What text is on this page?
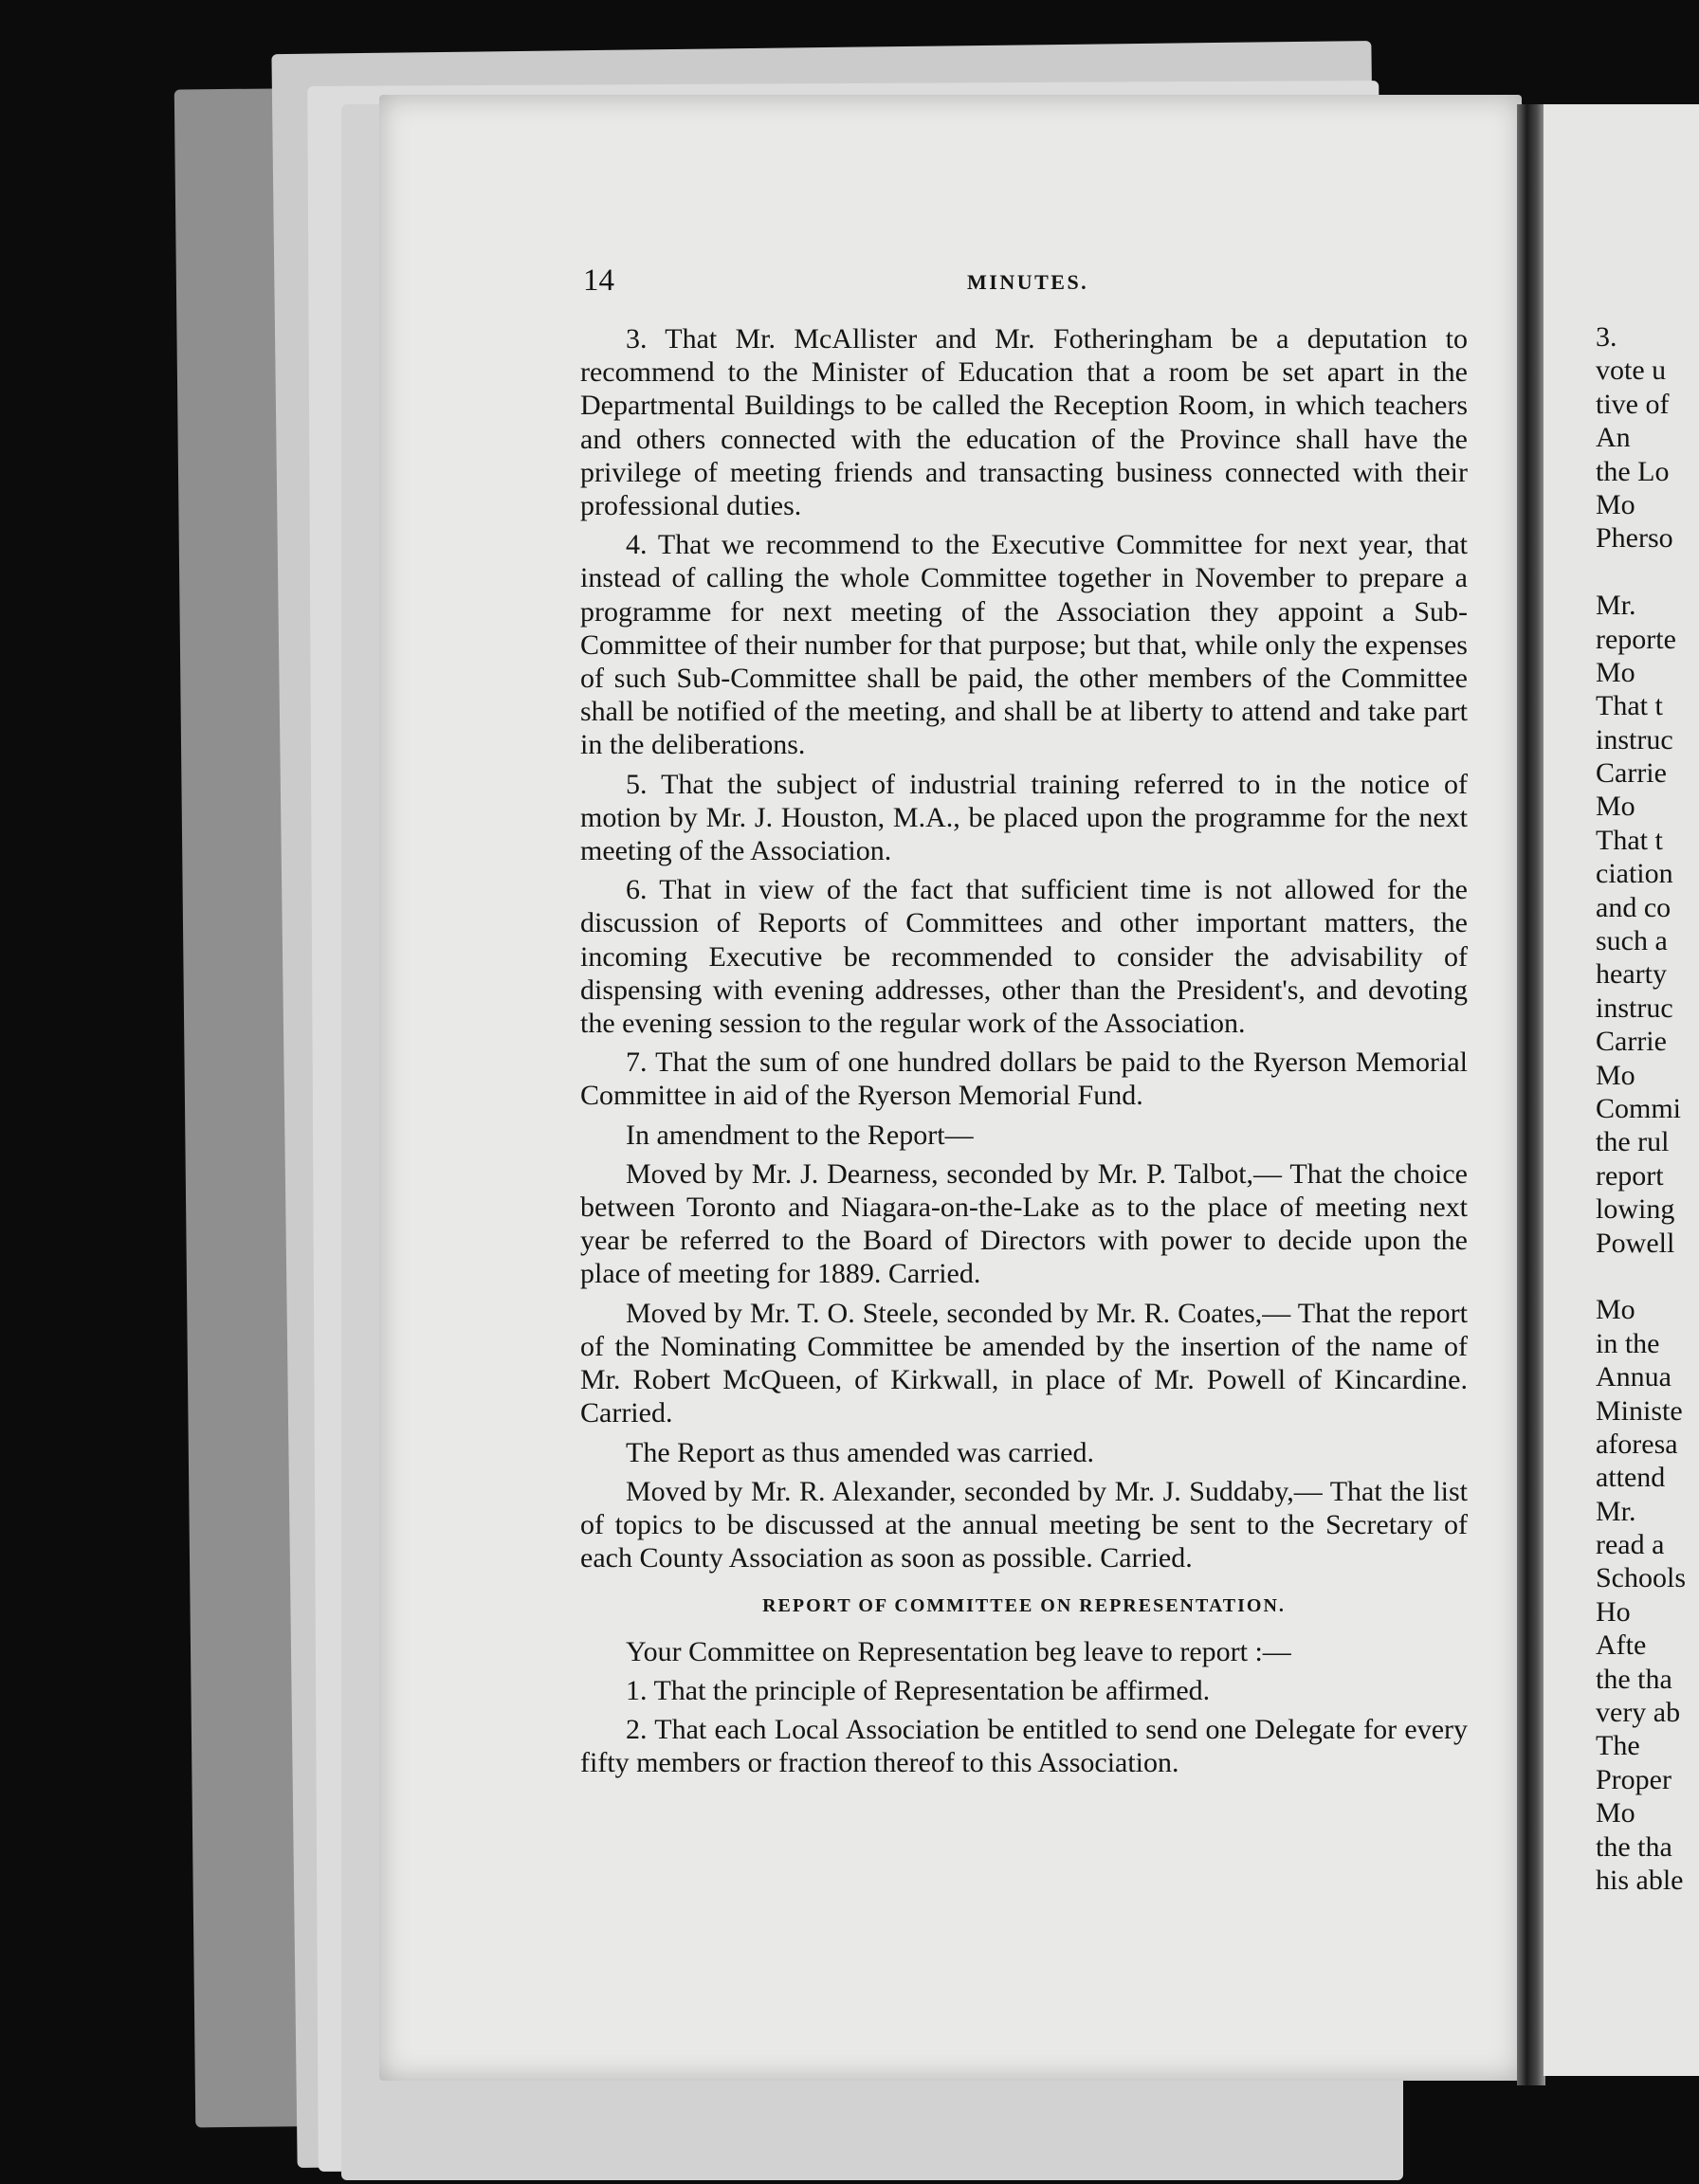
14	MINUTES.

3. That Mr. McAllister and Mr. Fotheringham be a deputation to recommend to the Minister of Education that a room be set apart in the Departmental Buildings to be called the Reception Room, in which teachers and others connected with the education of the Province shall have the privilege of meeting friends and transacting business connected with their professional duties.

4. That we recommend to the Executive Committee for next year, that instead of calling the whole Committee together in November to prepare a programme for next meeting of the Association they appoint a Sub-Committee of their number for that purpose; but that, while only the expenses of such Sub-Committee shall be paid, the other members of the Committee shall be notified of the meeting, and shall be at liberty to attend and take part in the deliberations.

5. That the subject of industrial training referred to in the notice of motion by Mr. J. Houston, M.A., be placed upon the programme for the next meeting of the Association.

6. That in view of the fact that sufficient time is not allowed for the discussion of Reports of Committees and other important matters, the incoming Executive be recommended to consider the advisability of dispensing with evening addresses, other than the President's, and devoting the evening session to the regular work of the Association.

7. That the sum of one hundred dollars be paid to the Ryerson Memorial Committee in aid of the Ryerson Memorial Fund.

In amendment to the Report—

Moved by Mr. J. Dearness, seconded by Mr. P. Talbot,— That the choice between Toronto and Niagara-on-the-Lake as to the place of meeting next year be referred to the Board of Directors with power to decide upon the place of meeting for 1889. Carried.

Moved by Mr. T. O. Steele, seconded by Mr. R. Coates,— That the report of the Nominating Committee be amended by the insertion of the name of Mr. Robert McQueen, of Kirkwall, in place of Mr. Powell of Kincardine. Carried.

The Report as thus amended was carried.

Moved by Mr. R. Alexander, seconded by Mr. J. Suddaby,— That the list of topics to be discussed at the annual meeting be sent to the Secretary of each County Association as soon as possible. Carried.

REPORT OF COMMITTEE ON REPRESENTATION.

Your Committee on Representation beg leave to report :—

1. That the principle of Representation be affirmed.

2. That each Local Association be entitled to send one Delegate for every fifty members or fraction thereof to this Association.

3.
vote u
tive of
An
the Lo
Mo
Pherso
Mr.
reporte
Mo
That t
instruc
Carrie
Mo
That t
ciation
and co
such a
hearty
instruc
Carrie
Mo
Commi
the rul
report
lowing
Powell
Mo
in the
Annua
Ministe
aforesa
attend
Mr.
read a
Schools
Ho
Afte
the tha
very ab
The
Proper
Mo
the tha
his able
